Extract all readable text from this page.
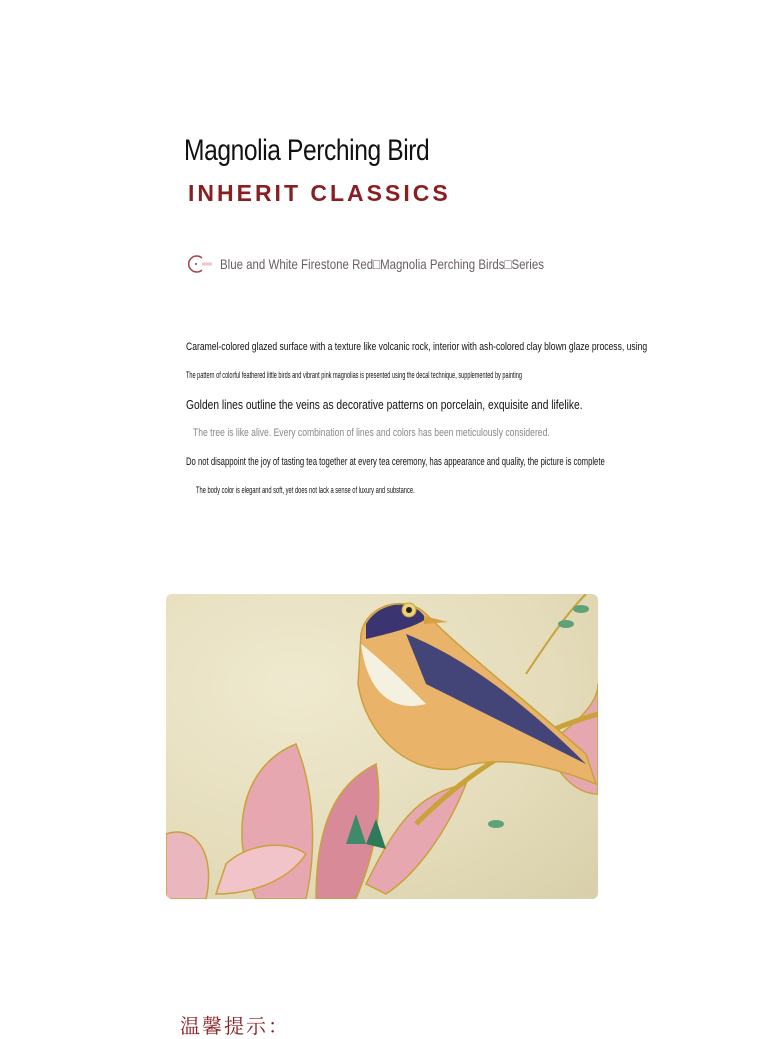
Magnolia Perching Bird
INHERIT CLASSICS
Blue and White Firestone Red□Magnolia Perching Birds□Series
Caramel-colored glazed surface with a texture like volcanic rock, interior with ash-colored clay blown glaze process, using
The pattern of colorful feathered little birds and vibrant pink magnolias is presented using the decal technique, supplemented by painting
Golden lines outline the veins as decorative patterns on porcelain, exquisite and lifelike.
The tree is like alive. Every combination of lines and colors has been meticulously considered.
Do not disappoint the joy of tasting tea together at every tea ceremony, has appearance and quality, the picture is complete
The body color is elegant and soft, yet does not lack a sense of luxury and substance.
温馨提示：
